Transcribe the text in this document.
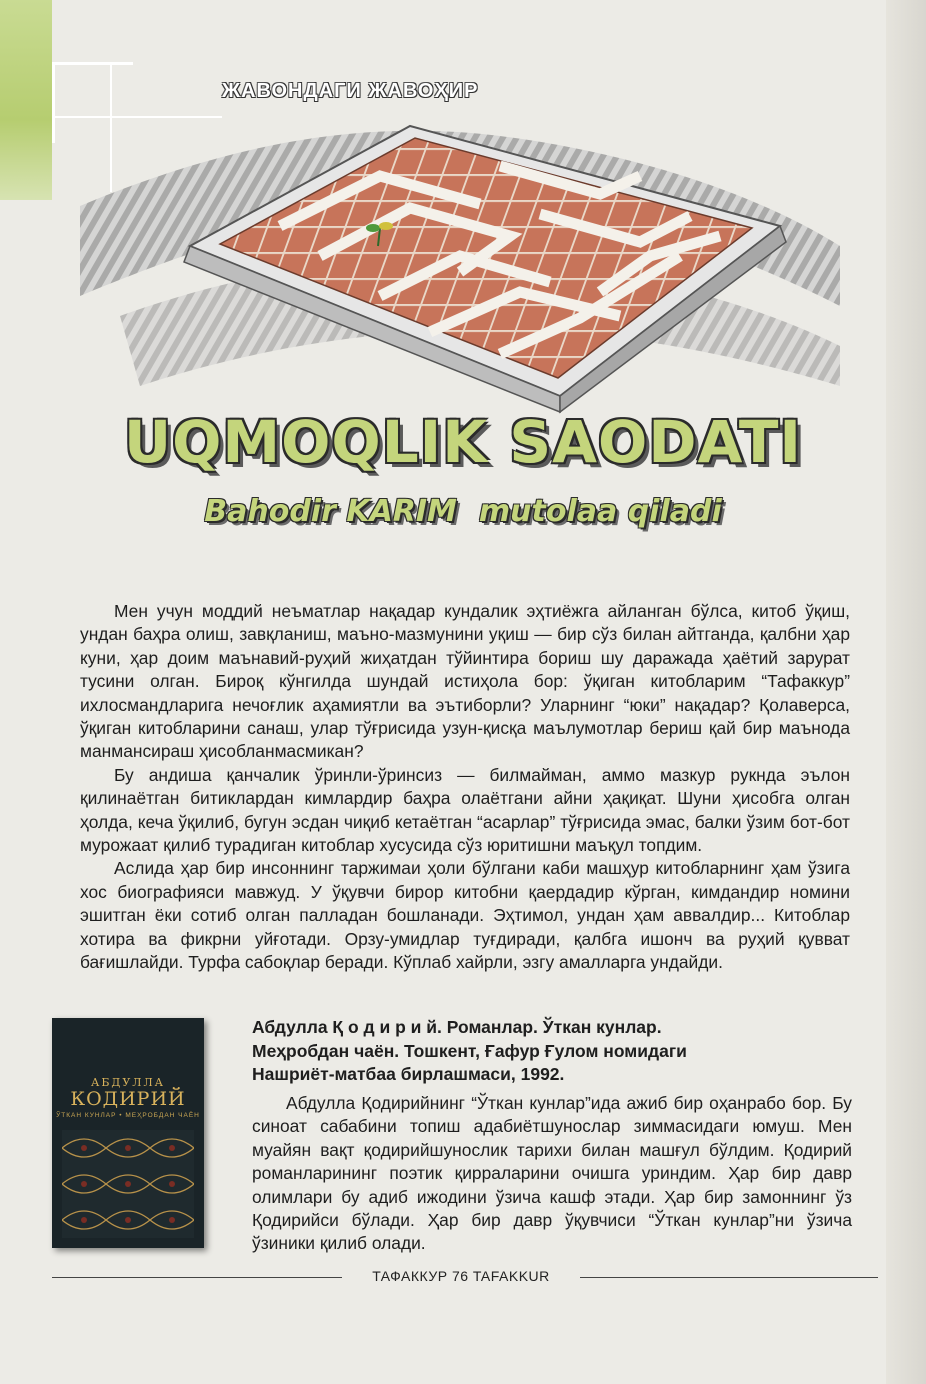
ЖАВОНДАГИ ЖАВОҲИР
UQMOQLIK SAODATI
Bahodir KARIM mutolaa qiladi

Мен учун моддий неъматлар нақадар кундалик эҳтиёжга айланган бўлса, китоб ўқиш, ундан баҳра олиш, завқланиш, маъно-мазмунини уқиш — бир сўз билан айтганда, қалбни ҳар куни, ҳар доим маънавий-руҳий жиҳатдан тўйинтира бориш шу даражада ҳаётий зарурат тусини олган. Бироқ кўнгилда шундай истиҳола бор: ўқиган китобларим “Тафаккур” ихлосмандларига нечоғлик аҳамиятли ва эътиборли? Уларнинг “юки” нақадар? Қолаверса, ўқиган китобларини санаш, улар тўғрисида узун-қисқа маълумотлар бериш қай бир маънода манмансираш ҳисобланмасмикан?

Бу андиша қанчалик ўринли-ўринсиз — билмайман, аммо мазкур рукнда эълон қилинаётган битиклардан кимлардир баҳра олаётгани айни ҳақиқат. Шуни ҳисобга олган ҳолда, кеча ўқилиб, бугун эсдан чиқиб кетаётган “асарлар” тўғрисида эмас, балки ўзим бот-бот мурожаат қилиб турадиган китоблар хусусида сўз юритишни маъқул топдим.

Аслида ҳар бир инсоннинг таржимаи ҳоли бўлгани каби машҳур китобларнинг ҳам ўзига хос биографияси мавжуд. У ўқувчи бирор китобни қаердадир кўрган, кимдандир номини эшитган ёки сотиб олган палладан бошланади. Эҳтимол, ундан ҳам аввалдир... Китоблар хотира ва фикрни уйғотади. Орзу-умидлар туғдиради, қалбга ишонч ва руҳий қувват бағишлайди. Турфа сабоқлар беради. Кўплаб хайрли, эзгу амалларга ундайди.

АБДУЛЛА
КОДИРИЙ
ЎТКАН КУНЛАР • МЕҲРОБДАН ЧАЁН
Абдулла Қ о д и р и й. Романлар. Ўткан кунлар.
Меҳробдан чаён. Тошкент, Ғафур Ғулом номидаги
Нашриёт-матбаа бирлашмаси, 1992.

Абдулла Қодирийнинг “Ўткан кунлар”ида ажиб бир оҳанрабо бор. Бу синоат сабабини топиш адабиётшунослар зиммасидаги юмуш. Мен муайян вақт қодирийшунослик тарихи билан машғул бўлдим. Қодирий романларининг поэтик қирраларини очишга уриндим. Ҳар бир давр олимлари бу адиб ижодини ўзича кашф этади. Ҳар бир замоннинг ўз Қодирийси бўлади. Ҳар бир давр ўқувчиси “Ўткан кунлар”ни ўзича ўзиники қилиб олади.

ТАФАККУР 76 TAFAKKUR
